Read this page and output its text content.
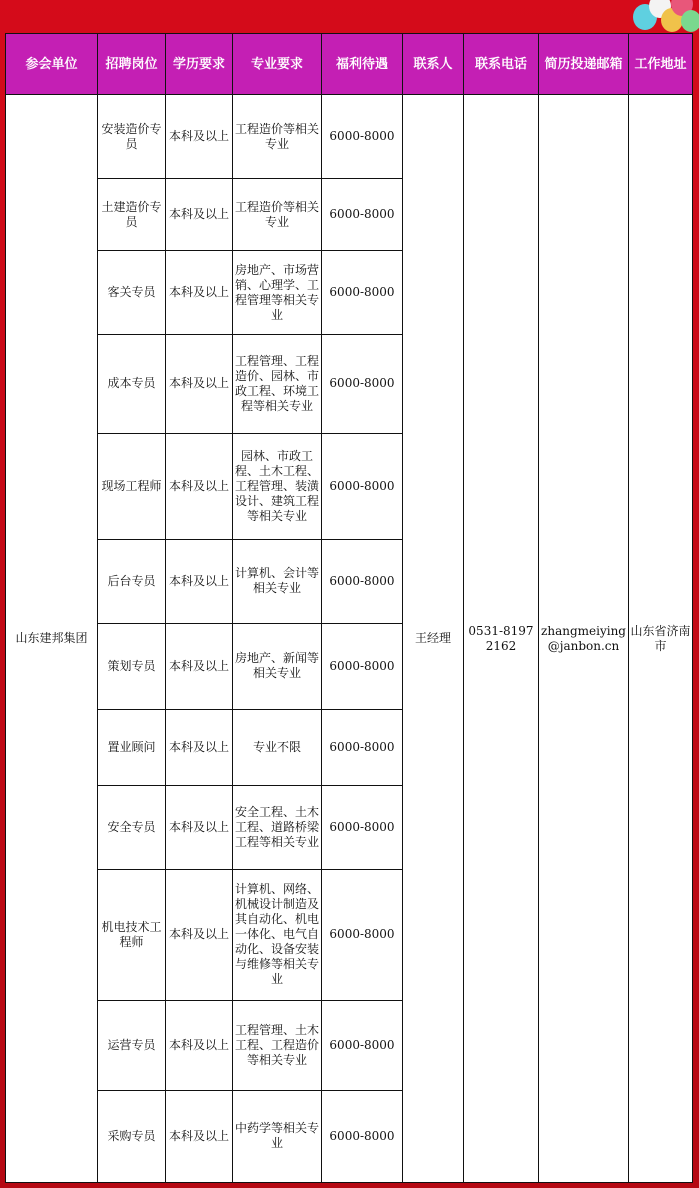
参会单位	招聘岗位	学历要求	专业要求	福利待遇	联系人	联系电话	简历投递邮箱	工作地址
山东建邦集团	安装造价专员	本科及以上	工程造价等相关专业	6000-8000	王经理	0531-81972162	zhangmeiying@janbon.cn	山东省济南市
	土建造价专员	本科及以上	工程造价等相关专业	6000-8000				
	客关专员	本科及以上	房地产、市场营销、心理学、工程管理等相关专业	6000-8000				
	成本专员	本科及以上	工程管理、工程造价、园林、市政工程、环境工程等相关专业	6000-8000				
	现场工程师	本科及以上	园林、市政工程、土木工程、工程管理、装潢设计、建筑工程等相关专业	6000-8000				
	后台专员	本科及以上	计算机、会计等相关专业	6000-8000				
	策划专员	本科及以上	房地产、新闻等相关专业	6000-8000				
	置业顾问	本科及以上	专业不限	6000-8000				
	安全专员	本科及以上	安全工程、土木工程、道路桥梁工程等相关专业	6000-8000				
	机电技术工程师	本科及以上	计算机、网络、机械设计制造及其自动化、机电一体化、电气自动化、设备安装与维修等相关专业	6000-8000				
	运营专员	本科及以上	工程管理、土木工程、工程造价等相关专业	6000-8000				
	采购专员	本科及以上	中药学等相关专业	6000-8000				
